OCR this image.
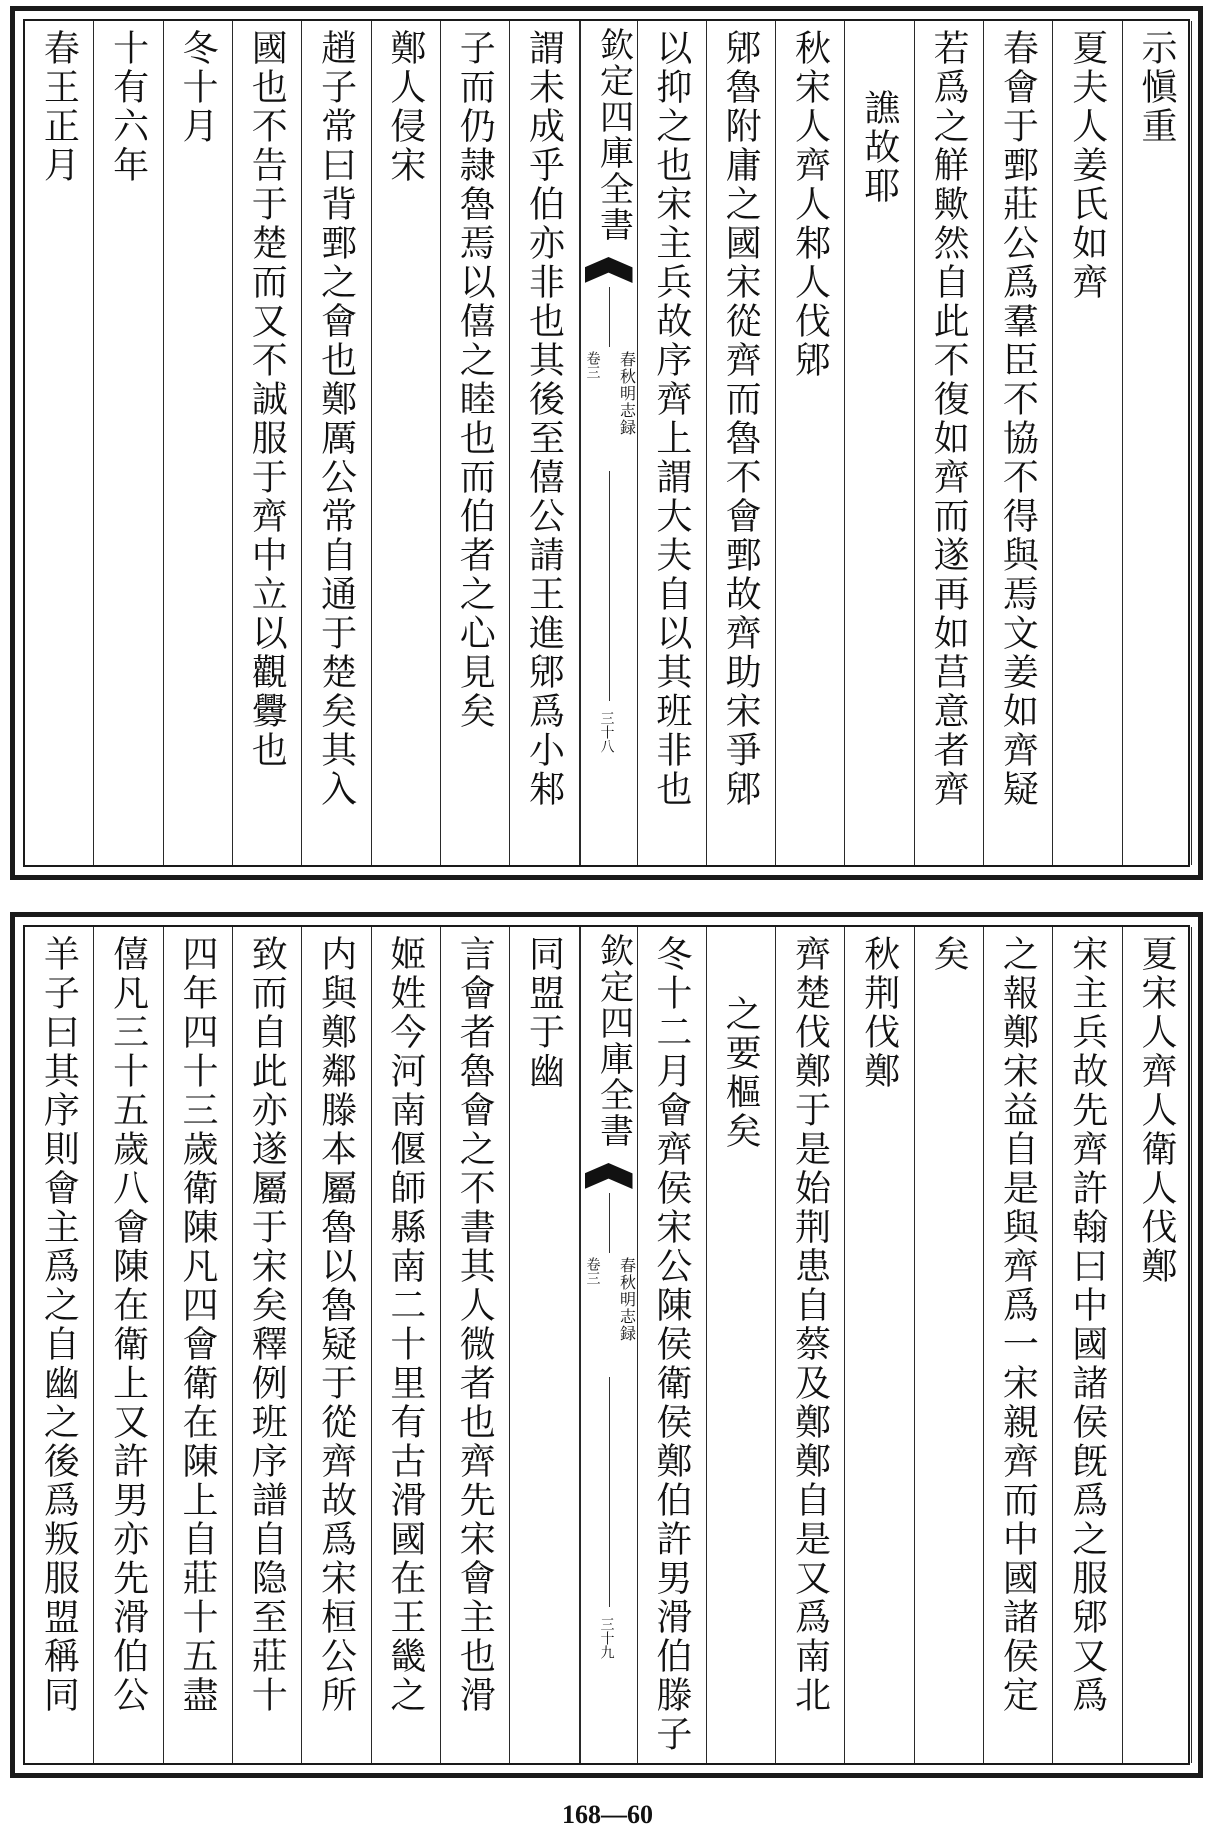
示愼重
夏夫人姜氏如齊
春會于鄄莊公爲羣臣不協不得與焉文姜如齊疑
若爲之觧歟然自此不復如齊而遂再如莒意者齊
譙故耶
秋宋人齊人邾人伐郳
郳魯附庸之國宋從齊而魯不會鄄故齊助宋爭郳
以抑之也宋主兵故序齊上謂大夫自以其班非也
欽定四庫全書
春秋明志録
卷三
三十八
謂未成乎伯亦非也其後至僖公請王進郳爲小邾
子而仍隷魯焉以僖之睦也而伯者之心見矣
鄭人侵宋
趙子常曰背鄄之會也鄭厲公常自通于楚矣其入
國也不告于楚而又不誠服于齊中立以觀釁也
冬十月
十有六年
春王正月
夏宋人齊人衛人伐鄭
宋主兵故先齊許翰曰中國諸侯旣爲之服郳又爲
之報鄭宋益自是與齊爲一宋親齊而中國諸侯定
矣
秋荆伐鄭
齊楚伐鄭于是始荆患自蔡及鄭鄭自是又爲南北
之要樞矣
冬十二月會齊侯宋公陳侯衛侯鄭伯許男滑伯滕子
欽定四庫全書
春秋明志録
卷三
三十九
同盟于幽
言會者魯會之不書其人微者也齊先宋會主也滑
姬姓今河南偃師縣南二十里有古滑國在王畿之
内與鄭鄰滕本屬魯以魯疑于從齊故爲宋桓公所
致而自此亦遂屬于宋矣釋例班序譜自隐至莊十
四年四十三歲衛陳凡四會衛在陳上自莊十五盡
僖凡三十五歲八會陳在衛上又許男亦先滑伯公
羊子曰其序則會主爲之自幽之後爲叛服盟稱同
168—60
